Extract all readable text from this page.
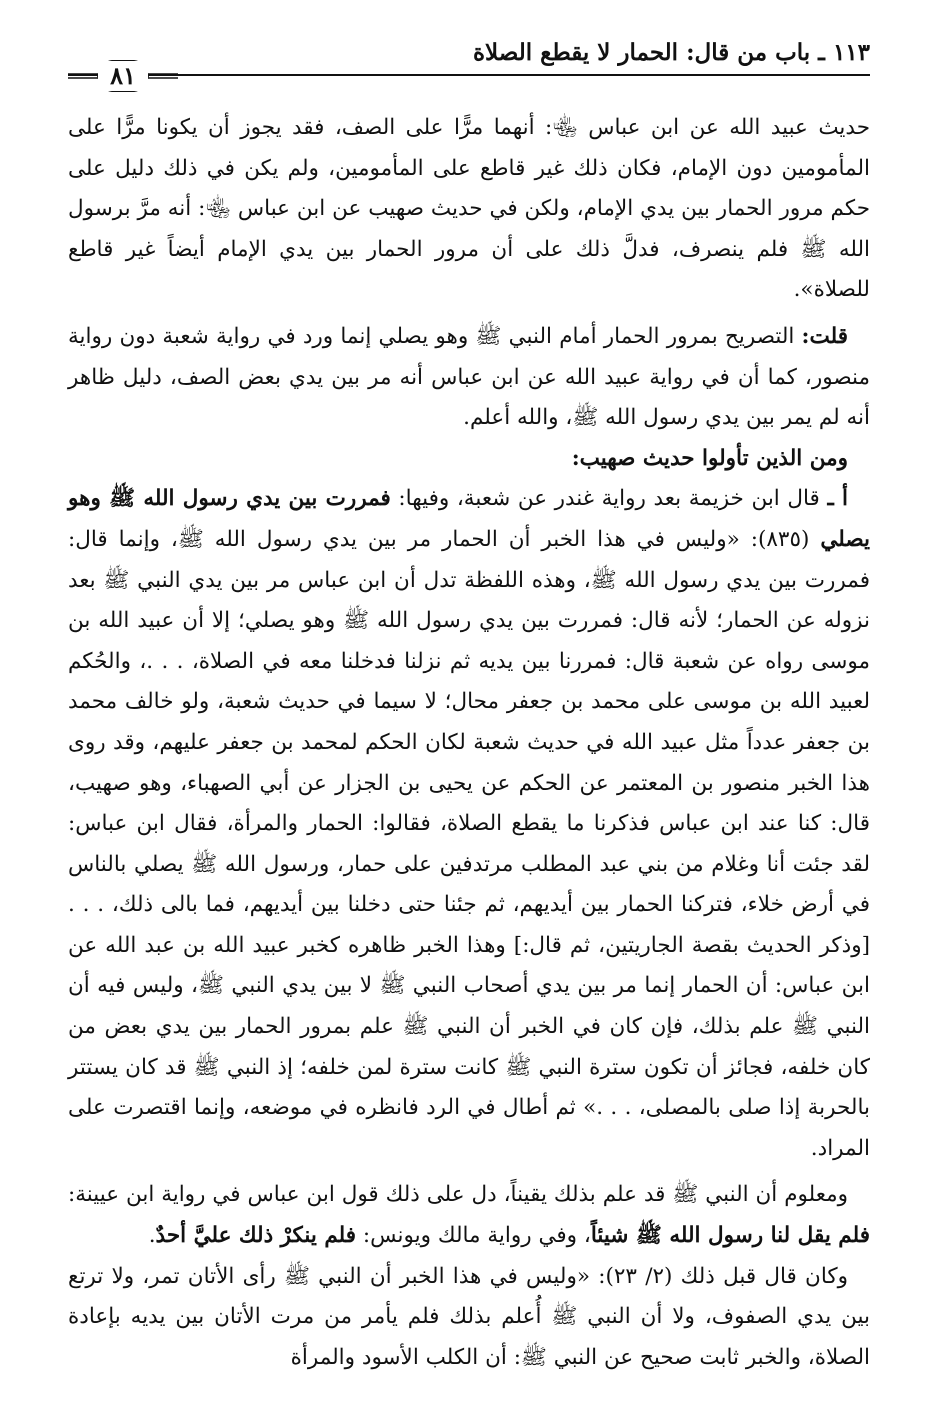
١١٣ ـ باب من قال: الحمار لا يقطع الصلاة
٨١

حديث عبيد الله عن ابن عباس ﵄: أنهما مرًّا على الصف، فقد يجوز أن يكونا مرًّا على المأمومين دون الإمام، فكان ذلك غير قاطع على المأمومين، ولم يكن في ذلك دليل على حكم مرور الحمار بين يدي الإمام، ولكن في حديث صهيب عن ابن عباس ﵄: أنه مرَّ برسول الله ﷺ فلم ينصرف، فدلَّ ذلك على أن مرور الحمار بين يدي الإمام أيضاً غير قاطع للصلاة».

قلت: التصريح بمرور الحمار أمام النبي ﷺ وهو يصلي إنما ورد في رواية شعبة دون رواية منصور، كما أن في رواية عبيد الله عن ابن عباس أنه مر بين يدي بعض الصف، دليل ظاهر أنه لم يمر بين يدي رسول الله ﷺ، والله أعلم.

ومن الذين تأولوا حديث صهيب:

أ ـ قال ابن خزيمة بعد رواية غندر عن شعبة، وفيها: فمررت بين يدي رسول الله ﷺ وهو يصلي (٨٣٥): «وليس في هذا الخبر أن الحمار مر بين يدي رسول الله ﷺ، وإنما قال: فمررت بين يدي رسول الله ﷺ، وهذه اللفظة تدل أن ابن عباس مر بين يدي النبي ﷺ بعد نزوله عن الحمار؛ لأنه قال: فمررت بين يدي رسول الله ﷺ وهو يصلي؛ إلا أن عبيد الله بن موسى رواه عن شعبة قال: فمررنا بين يديه ثم نزلنا فدخلنا معه في الصلاة، . . .، والحُكم لعبيد الله بن موسى على محمد بن جعفر محال؛ لا سيما في حديث شعبة، ولو خالف محمد بن جعفر عدداً مثل عبيد الله في حديث شعبة لكان الحكم لمحمد بن جعفر عليهم، وقد روى هذا الخبر منصور بن المعتمر عن الحكم عن يحيى بن الجزار عن أبي الصهباء، وهو صهيب، قال: كنا عند ابن عباس فذكرنا ما يقطع الصلاة، فقالوا: الحمار والمرأة، فقال ابن عباس: لقد جئت أنا وغلام من بني عبد المطلب مرتدفين على حمار، ورسول الله ﷺ يصلي بالناس في أرض خلاء، فتركنا الحمار بين أيديهم، ثم جئنا حتى دخلنا بين أيديهم، فما بالى ذلك، . . . [وذكر الحديث بقصة الجاريتين، ثم قال:] وهذا الخبر ظاهره كخبر عبيد الله بن عبد الله عن ابن عباس: أن الحمار إنما مر بين يدي أصحاب النبي ﷺ لا بين يدي النبي ﷺ، وليس فيه أن النبي ﷺ علم بذلك، فإن كان في الخبر أن النبي ﷺ علم بمرور الحمار بين يدي بعض من كان خلفه، فجائز أن تكون سترة النبي ﷺ كانت سترة لمن خلفه؛ إذ النبي ﷺ قد كان يستتر بالحربة إذا صلى بالمصلى، . . .» ثم أطال في الرد فانظره في موضعه، وإنما اقتصرت على المراد.

ومعلوم أن النبي ﷺ قد علم بذلك يقيناً، دل على ذلك قول ابن عباس في رواية ابن عيينة: فلم يقل لنا رسول الله ﷺ شيئاً، وفي رواية مالك ويونس: فلم ينكرْ ذلك عليَّ أحدٌ.

وكان قال قبل ذلك (٢/ ٢٣): «وليس في هذا الخبر أن النبي ﷺ رأى الأتان تمر، ولا ترتع بين يدي الصفوف، ولا أن النبي ﷺ أُعلم بذلك فلم يأمر من مرت الأتان بين يديه بإعادة الصلاة، والخبر ثابت صحيح عن النبي ﷺ: أن الكلب الأسود والمرأة
